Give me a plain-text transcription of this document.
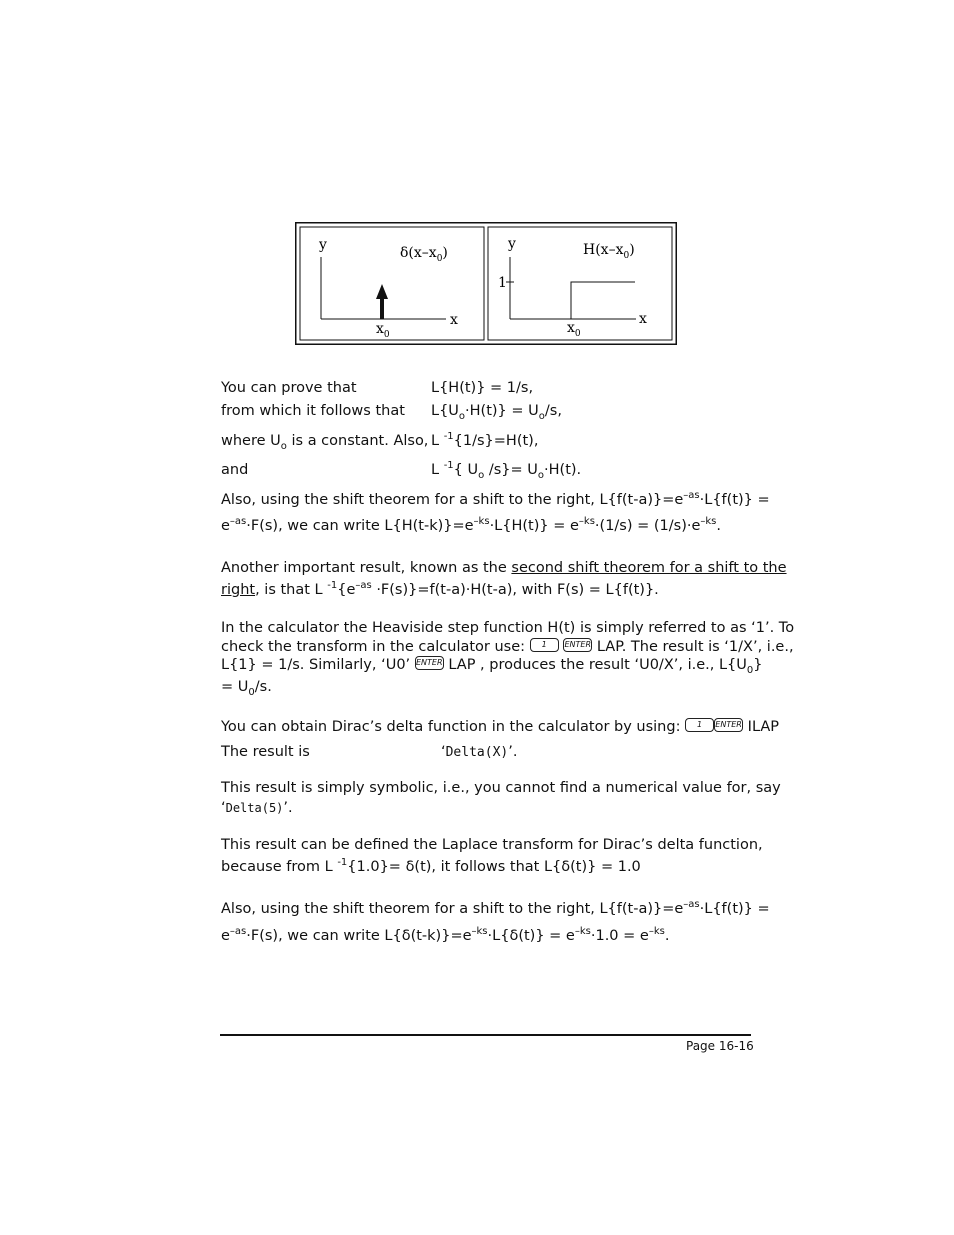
y
x
$x_0$
$\delta(x-x_0)$
y
1
x
$x_0$
$H(x-x_0)$
You can prove that	L{H(t)} = 1/s,
from which it follows that $L\{U_o\cdot H(t)\} = U_o/s$,
where $U_o$ is a constant. Also, L $^{-1}${1/s}=H(t),
and	L $^{-1}${ $U_o$ $/s\}= U_o\cdot H(t)$.
Also, using the shift theorem for a shift to the right, $L\{f(t-a)\}=e^{-as}\cdot L\{f(t)\}$ =
$e^{-as}\cdot F(s)$, we can write $L\{H(t-k)\}=e^{-ks}\cdot L\{H(t)\} = e^{-ks}\cdot(1/s) = (1/s)\cdot e^{-ks}$.
Another important result, known as the second shift theorem for a shift to the
right, is that L $^{-1}\{e^{-as} \cdot F(s)\}=f(t-a)\cdot H(t-a)$, with F(s) = L{f(t)}.
In the calculator the Heaviside step function H(t) is simply referred to as ‘1’. To
check the transform in the calculator use: 1 ENTER LAP. The result is ‘1/X’, i.e.,
L{1} = 1/s. Similarly, ‘U0’ ENTER LAP , produces the result ‘U0/X’, i.e., $L\{U_0\}$
= $U_0/s$.
You can obtain Dirac’s delta function in the calculator by using: 1 ENTER ILAP
The result is	‘Delta(X)’.
This result is simply symbolic, i.e., you cannot find a numerical value for, say
‘Delta(5)’.
This result can be defined the Laplace transform for Dirac’s delta function,
because from L $^{-1}${1.0}= δ(t), it follows that L{δ(t)} = 1.0
Also, using the shift theorem for a shift to the right, $L\{f(t-a)\}=e^{-as}\cdot L\{f(t)\}$ =
$e^{-as}\cdot F(s)$, we can write $L\{\delta(t-k)\}=e^{-ks}\cdot L\{\delta(t)\} = e^{-ks}\cdot 1.0 = e^{-ks}$.
Page 16-16
